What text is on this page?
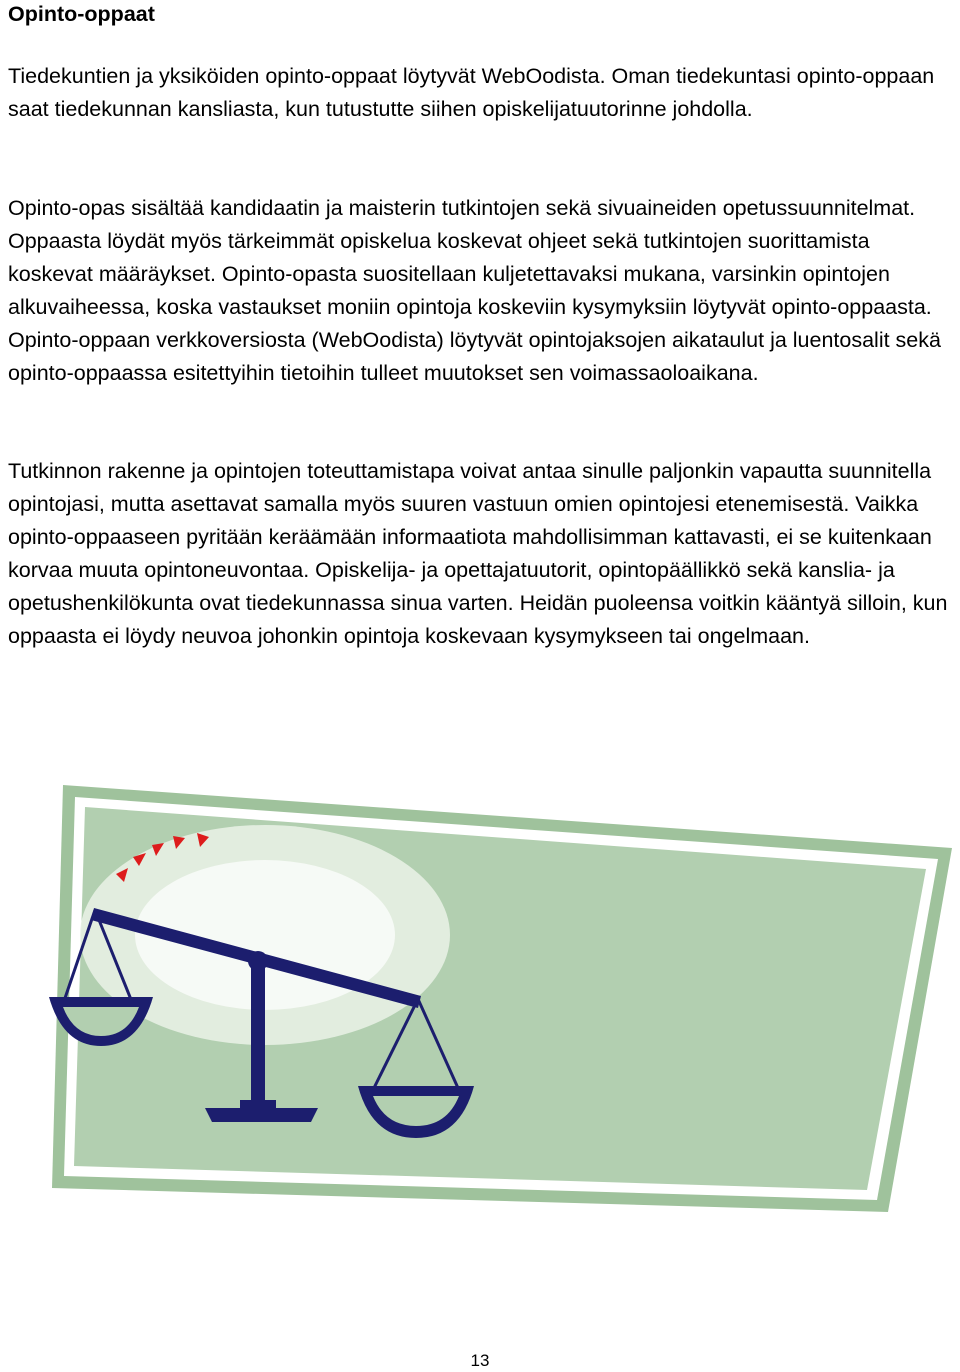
Opinto-oppaat

Tiedekuntien ja yksiköiden opinto-oppaat löytyvät WebOodista. Oman tiedekuntasi opinto-oppaan saat tiedekunnan kansliasta, kun tutustutte siihen opiskelijatuutorinne johdolla.

Opinto-opas sisältää kandidaatin ja maisterin tutkintojen sekä sivuaineiden opetussuunnitelmat. Oppaasta löydät myös tärkeimmät opiskelua koskevat ohjeet sekä tutkintojen suorittamista koskevat määräykset. Opinto-opasta suositellaan kuljetettavaksi mukana, varsinkin opintojen alkuvaiheessa, koska vastaukset moniin opintoja koskeviin kysymyksiin löytyvät opinto-oppaasta. Opinto-oppaan verkkoversiosta (WebOodista) löytyvät opintojaksojen aikataulut ja luentosalit sekä opinto-oppaassa esitettyihin tietoihin tulleet muutokset sen voimassaoloaikana.

Tutkinnon rakenne ja opintojen toteuttamistapa voivat antaa sinulle paljonkin vapautta suunnitella opintojasi, mutta asettavat samalla myös suuren vastuun omien opintojesi etenemisestä. Vaikka opinto-oppaaseen pyritään keräämään informaatiota mahdollisimman kattavasti, ei se kuitenkaan korvaa muuta opintoneuvontaa. Opiskelija- ja opettajatuutorit, opintopäällikkö sekä kanslia- ja opetushenkilökunta ovat tiedekunnassa sinua varten. Heidän puoleensa voitkin kääntyä silloin, kun oppaasta ei löydy neuvoa johonkin opintoja koskevaan kysymykseen tai ongelmaan.

13
